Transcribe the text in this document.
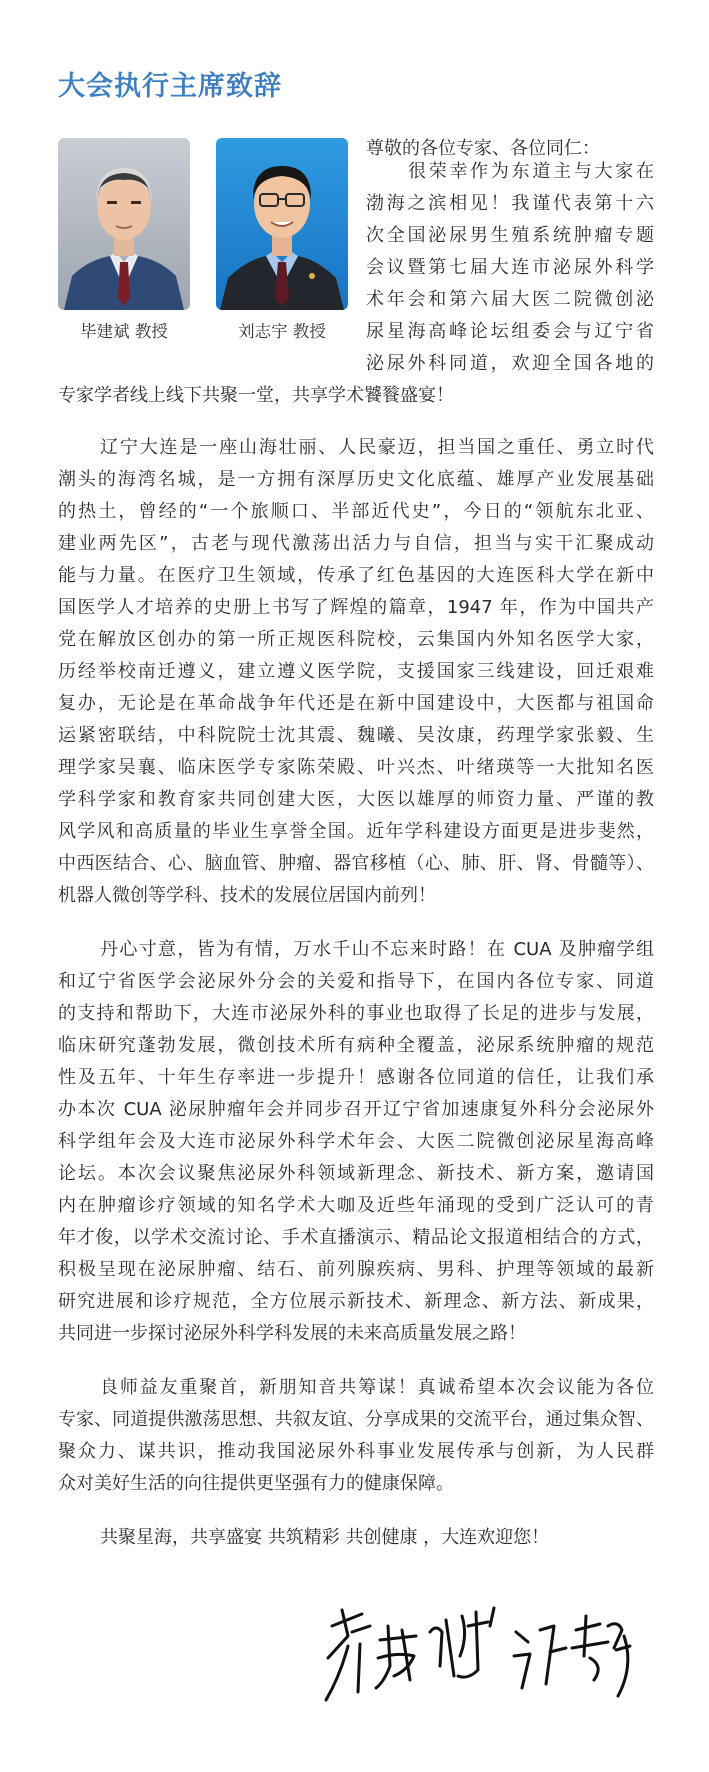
大会执行主席致辞
毕建斌 教授	刘志宇 教授
尊敬的各位专家、各位同仁：
很荣幸作为东道主与大家在
渤海之滨相见！我谨代表第十六
次全国泌尿男生殖系统肿瘤专题
会议暨第七届大连市泌尿外科学
术年会和第六届大医二院微创泌
尿星海高峰论坛组委会与辽宁省
泌尿外科同道，欢迎全国各地的
专家学者线上线下共聚一堂，共享学术饕餮盛宴！
辽宁大连是一座山海壮丽、人民豪迈，担当国之重任、勇立时代
潮头的海湾名城，是一方拥有深厚历史文化底蕴、雄厚产业发展基础
的热土，曾经的“一个旅顺口、半部近代史”，今日的“领航东北亚、
建业两先区”，古老与现代激荡出活力与自信，担当与实干汇聚成动
能与力量。在医疗卫生领域，传承了红色基因的大连医科大学在新中
国医学人才培养的史册上书写了辉煌的篇章，1947 年，作为中国共产
党在解放区创办的第一所正规医科院校，云集国内外知名医学大家，
历经举校南迁遵义，建立遵义医学院，支援国家三线建设，回迁艰难
复办，无论是在革命战争年代还是在新中国建设中，大医都与祖国命
运紧密联结，中科院院士沈其震、魏曦、吴汝康，药理学家张毅、生
理学家吴襄、临床医学专家陈荣殿、叶兴杰、叶绪瑛等一大批知名医
学科学家和教育家共同创建大医，大医以雄厚的师资力量、严谨的教
风学风和高质量的毕业生享誉全国。近年学科建设方面更是进步斐然，
中西医结合、心、脑血管、肿瘤、器官移植（心、肺、肝、肾、骨髓等）、
机器人微创等学科、技术的发展位居国内前列！
丹心寸意，皆为有情，万水千山不忘来时路！在 CUA 及肿瘤学组
和辽宁省医学会泌尿外分会的关爱和指导下，在国内各位专家、同道
的支持和帮助下，大连市泌尿外科的事业也取得了长足的进步与发展，
临床研究蓬勃发展，微创技术所有病种全覆盖，泌尿系统肿瘤的规范
性及五年、十年生存率进一步提升！感谢各位同道的信任，让我们承
办本次 CUA 泌尿肿瘤年会并同步召开辽宁省加速康复外科分会泌尿外
科学组年会及大连市泌尿外科学术年会、大医二院微创泌尿星海高峰
论坛。本次会议聚焦泌尿外科领域新理念、新技术、新方案，邀请国
内在肿瘤诊疗领域的知名学术大咖及近些年涌现的受到广泛认可的青
年才俊，以学术交流讨论、手术直播演示、精品论文报道相结合的方式，
积极呈现在泌尿肿瘤、结石、前列腺疾病、男科、护理等领域的最新
研究进展和诊疗规范，全方位展示新技术、新理念、新方法、新成果，
共同进一步探讨泌尿外科学科发展的未来高质量发展之路！
良师益友重聚首，新朋知音共筹谋！真诚希望本次会议能为各位
专家、同道提供激荡思想、共叙友谊、分享成果的交流平台，通过集众智、
聚众力、谋共识，推动我国泌尿外科事业发展传承与创新，为人民群
众对美好生活的向往提供更坚强有力的健康保障。
共聚星海，共享盛宴 共筑精彩 共创健康 ，大连欢迎您！
